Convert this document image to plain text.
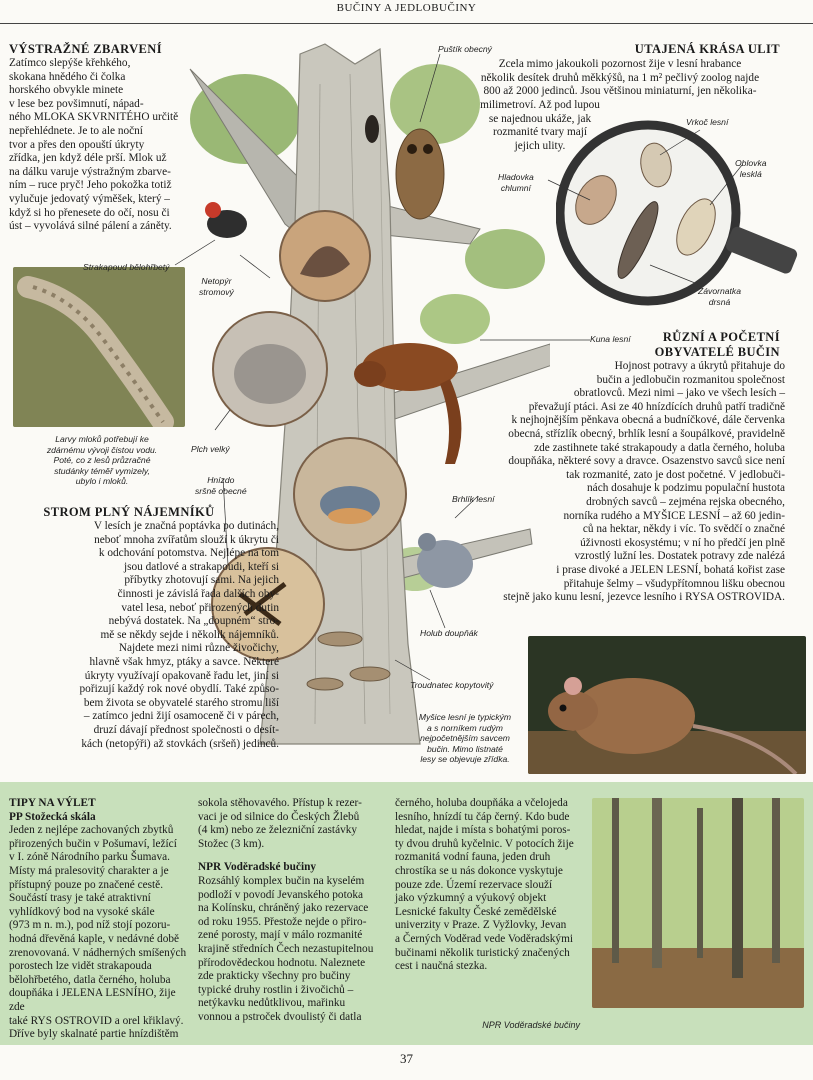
BUČINY A JEDLOBUČINY
VÝSTRAŽNÉ ZBARVENÍ
Zatímco slepýše křehkého,
skokana hnědého či čolka
horského obvykle minete
v lese bez povšimnutí, nápad-
ného MLOKA SKVRNITÉHO určitě
nepřehlédnete. Je to ale noční
tvor a přes den opouští úkryty
zřídka, jen když déle prší. Mlok už
na dálku varuje výstražným zbarve-
ním – ruce pryč! Jeho pokožka totiž
vylučuje jedovatý výměšek, který –
když si ho přenesete do očí, nosu či
úst – vyvolává silné pálení a záněty.
UTAJENÁ KRÁSA ULIT
Zcela mimo jakoukoli pozornost žije v lesní hrabance
několik desítek druhů měkkýšů, na 1 m² pečlivý zoolog najde
800 až 2000 jedinců. Jsou většinou miniaturní, jen několika-
milimetroví. Až pod lupou
se najednou ukáže, jak
rozmanité tvary mají
jejich ulity.
RŮZNÍ A POČETNÍ
OBYVATELÉ BUČIN
Hojnost potravy a úkrytů přitahuje do
bučin a jedlobučin rozmanitou společnost
obratlovců. Mezi nimi – jako ve všech lesích –
převažují ptáci. Asi ze 40 hnízdících druhů patří tradičně
k nejhojnějším pěnkava obecná a budníčkové, dále červenka
obecná, střízlík obecný, brhlík lesní a šoupálkové, pravidelně
zde zastihnete také strakapoudy a datla černého, holuba
doupňáka, některé sovy a dravce. Osazenstvo savců sice není
tak rozmanité, zato je dost početné. V jedlobuči-
nách dosahuje k podzimu populační hustota
drobných savců – zejména rejska obecného,
norníka rudého a MYŠICE LESNÍ – až 60 jedin-
ců na hektar, někdy i víc. To svědčí o značné
úživnosti ekosystému; v ní ho předčí jen plně
vzrostlý lužní les. Dostatek potravy zde nalézá
i prase divoké a JELEN LESNÍ, bohatá kořist zase
přitahuje šelmy – všudypřítomnou lišku obecnou
stejně jako kunu lesní, jezevce lesního i RYSA OSTROVIDA.
STROM PLNÝ NÁJEMNÍKŮ
V lesích je značná poptávka po dutinách,
neboť mnoha zvířatům slouží k úkrytu či
k odchování potomstva. Nejlépe na tom
jsou datlové a strakapoudi, kteří si
příbytky zhotovují sami. Na jejich
činnosti je závislá řada dalších oby-
vatel lesa, neboť přirozených dutin
nebývá dostatek. Na „doupném“ stro-
mě se někdy sejde i několik nájemníků.
Najdete mezi nimi různé živočichy,
hlavně však hmyz, ptáky a savce. Některé
úkryty využívají opakovaně řadu let, jiní si
pořizují každý rok nové obydlí. Také způso-
bem života se obyvatelé starého stromu liší
– zatímco jedni žijí osamoceně či v párech,
druzí dávají přednost společnosti o desít-
kách (netopýři) až stovkách (sršeň) jedinců.
Puštík obecný
Strakapoud bělohřbetý
Netopýr
stromový
Plch velký
Hnízdo
sršně obecné
Kuna lesní
Brhlík lesní
Holub doupňák
Troudnatec kopytovitý
Vrkoč lesní
Oblovka
lesklá
Hladovka
chlumní
Závornatka
drsná
Larvy mloků potřebují ke
zdárnému vývoji čistou vodu.
Poté, co z lesů průzračné
studánky téměř vymizely,
ubylo i mloků.
Myšice lesní je typickým
a s norníkem rudým
nejpočetnějším savcem
bučin. Mimo listnaté
lesy se objevuje zřídka.
TIPY NA VÝLET
PP Stožecká skála
Jeden z nejlépe zachovaných zbytků
přirozených bučin v Pošumaví, ležící
v I. zóně Národního parku Šumava.
Místy má pralesovitý charakter a je
přístupný pouze po značené cestě.
Součástí trasy je také atraktivní
vyhlídkový bod na vysoké skále
(973 m n. m.), pod níž stojí pozoru-
hodná dřevěná kaple, v nedávné době
zrenovovaná. V nádherných smíšených
porostech lze vidět strakapouda
bělohřbetého, datla černého, holuba
doupňáka i JELENA LESNÍHO, žije zde
také RYS OSTROVID a orel křiklavý.
Dříve byly skalnaté partie hnízdištěm
sokola stěhovavého. Přístup k rezer-
vaci je od silnice do Českých Žlebů
(4 km) nebo ze železniční zastávky
Stožec (3 km).
NPR Voděradské bučiny
Rozsáhlý komplex bučin na kyselém
podloží v povodí Jevanského potoka
na Kolínsku, chráněný jako rezervace
od roku 1955. Přestože nejde o přiro-
zené porosty, mají v málo rozmanité
krajině středních Čech nezastupitelnou
přírodovědeckou hodnotu. Naleznete
zde prakticky všechny pro bučiny
typické druhy rostlin i živočichů –
netýkavku nedůtklivou, mařinku
vonnou a pstroček dvoulistý či datla
černého, holuba doupňáka a včelojeda
lesního, hnízdí tu čáp černý. Kdo bude
hledat, najde i místa s bohatými poros-
ty dvou druhů kyčelnic. V potocích žije
rozmanitá vodní fauna, jeden druh
chrostíka se u nás dokonce vyskytuje
pouze zde. Území rezervace slouží
jako výzkumný a výukový objekt
Lesnické fakulty České zemědělské
univerzity v Praze. Z Vyžlovky, Jevan
a Černých Voděrad vede Voděradskými
bučinami několik turistický značených
cest i naučná stezka.
NPR Voděradské bučiny
37
